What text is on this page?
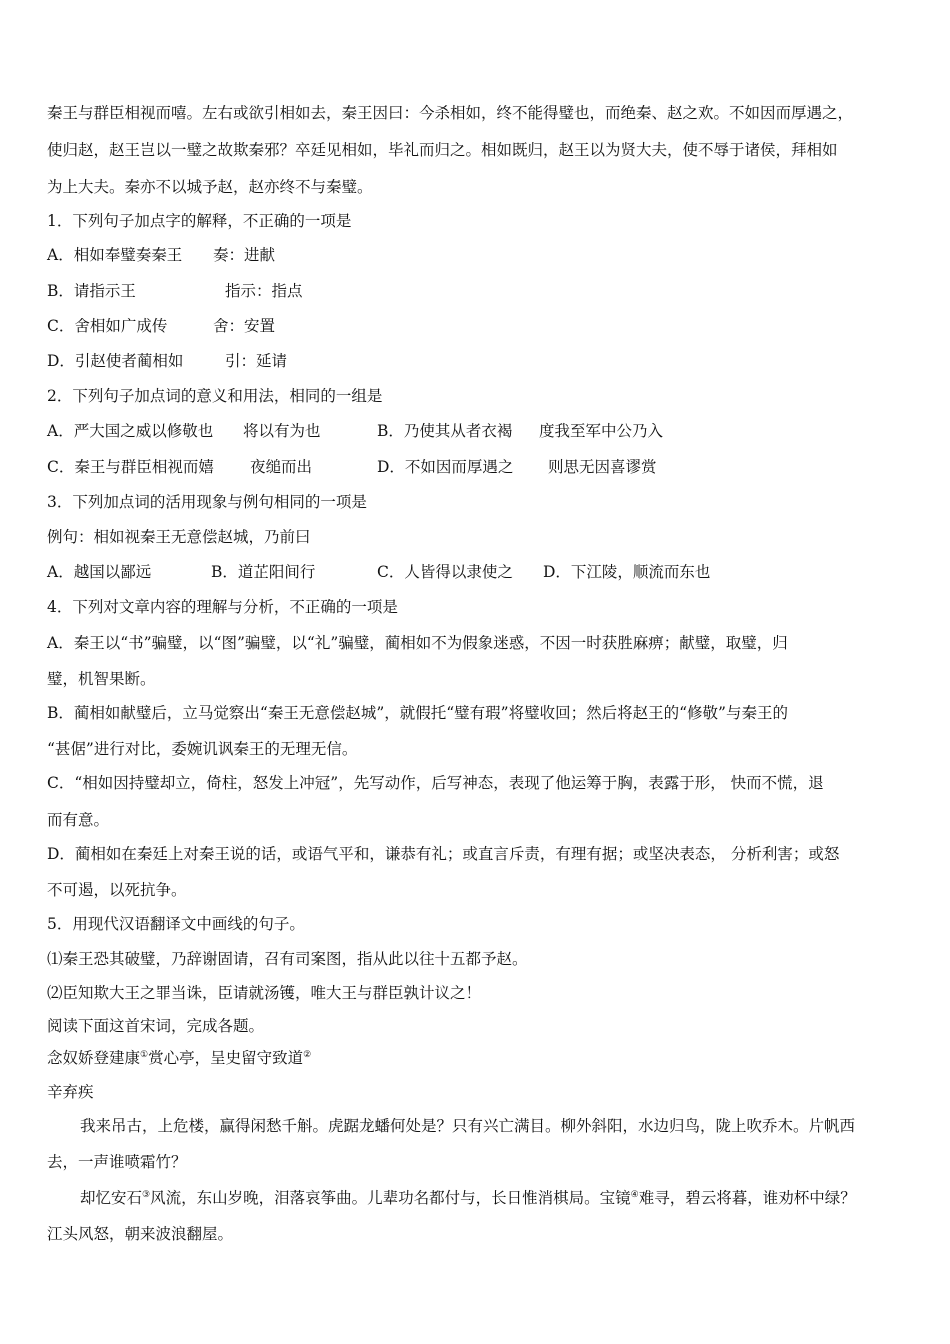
秦王与群臣相视而嘻。左右或欲引相如去，秦王因曰：今杀相如，终不能得璧也，而绝秦、赵之欢。不如因而厚遇之，
使归赵，赵王岂以一璧之故欺秦邪？卒廷见相如，毕礼而归之。相如既归，赵王以为贤大夫，使不辱于诸侯，拜相如
为上大夫。秦亦不以城予赵，赵亦终不与秦璧。
1．下列句子加点字的解释，不正确的一项是
A．相如奉璧奏秦王 奏：进献
B．请指示王	指示：指点
C．舍相如广成传	舍：安置
D．引赵使者蔺相如	引：延请
2．下列句子加点词的意义和用法，相同的一组是
A．严大国之威以修敬也 将以有为也	B．乃使其从者衣褐 度我至军中公乃入
C．秦王与群臣相视而嬉 夜缒而出	D．不如因而厚遇之 则思无因喜谬赏
3．下列加点词的活用现象与例句相同的一项是
例句：相如视秦王无意偿赵城，乃前曰
A．越国以鄙远	B．道芷阳间行	C．人皆得以隶使之 D．下江陵，顺流而东也
4．下列对文章内容的理解与分析，不正确的一项是
A．秦王以“书”骗璧，以“图”骗璧，以“礼”骗璧，蔺相如不为假象迷惑，不因一时获胜麻痹；献璧，取璧，归
璧，机智果断。
B．蔺相如献璧后，立马觉察出“秦王无意偿赵城”，就假托“璧有瑕”将璧收回；然后将赵王的“修敬”与秦王的
“甚倨”进行对比，委婉讥讽秦王的无理无信。
C．“相如因持璧却立，倚柱，怒发上冲冠”，先写动作，后写神态，表现了他运筹于胸，表露于形， 快而不慌，退
而有意。
D．蔺相如在秦廷上对秦王说的话，或语气平和，谦恭有礼；或直言斥责，有理有据；或坚决表态， 分析利害；或怒
不可遏，以死抗争。
5．用现代汉语翻译文中画线的句子。
⑴秦王恐其破璧，乃辞谢固请，召有司案图，指从此以往十五都予赵。
⑵臣知欺大王之罪当诛，臣请就汤镬，唯大王与群臣孰计议之！
阅读下面这首宋词，完成各题。
念奴娇登建康①赏心亭，呈史留守致道②
辛弃疾
我来吊古，上危楼，赢得闲愁千斛。虎踞龙蟠何处是？只有兴亡满目。柳外斜阳，水边归鸟，陇上吹乔木。片帆西
去，一声谁喷霜竹？
却忆安石③风流，东山岁晚，泪落哀筝曲。儿辈功名都付与，长日惟消棋局。宝镜④难寻，碧云将暮，谁劝杯中绿？
江头风怒，朝来波浪翻屋。
